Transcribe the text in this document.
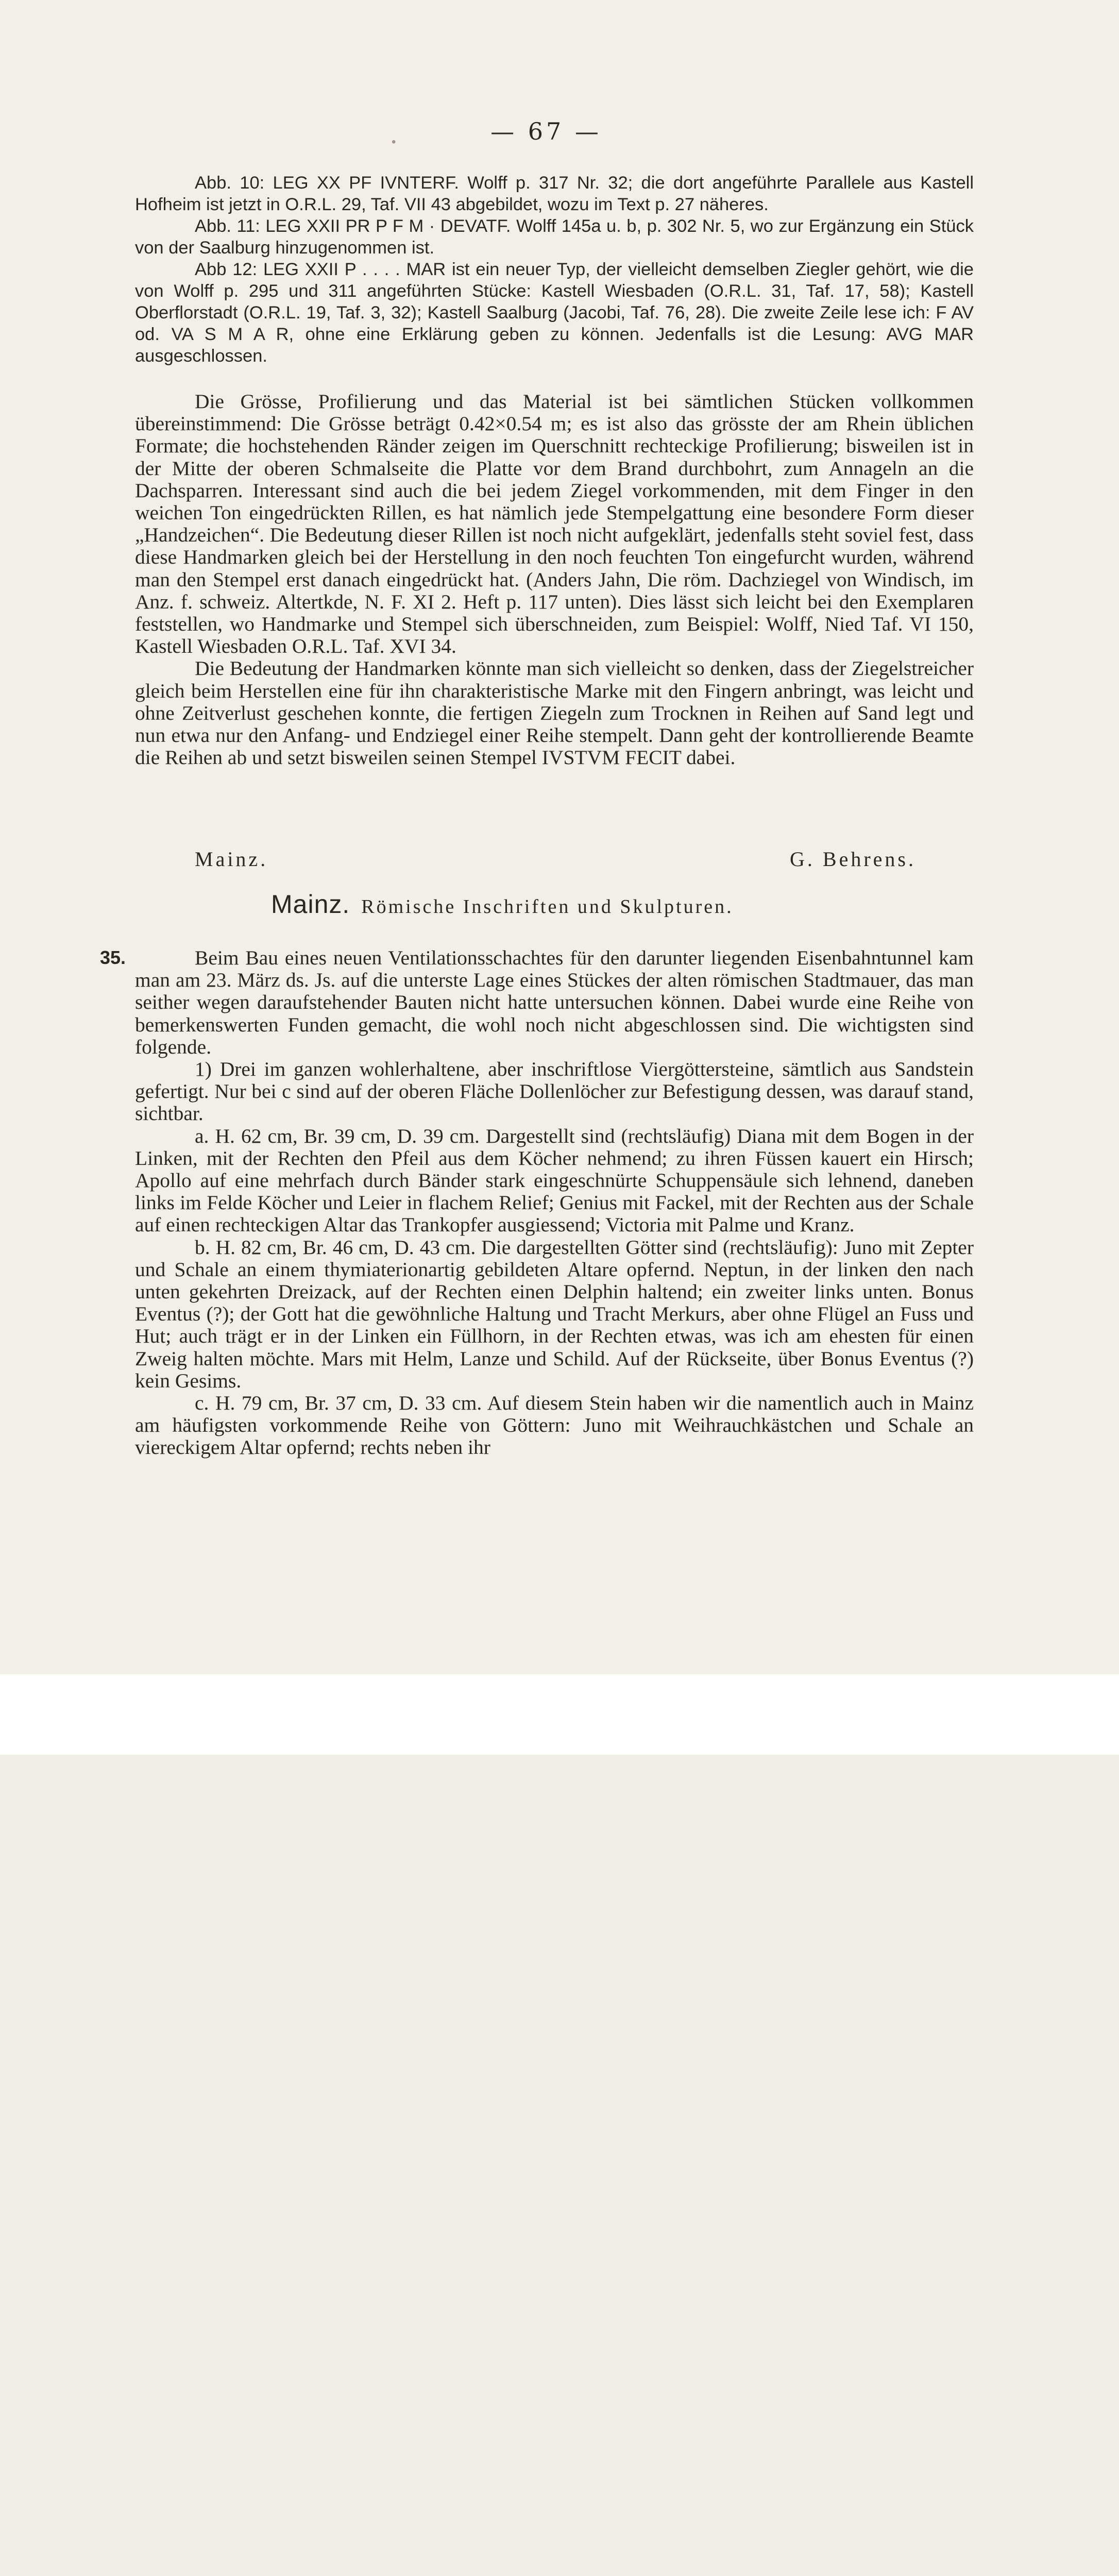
— 67 —

Abb. 10: LEG XX PF IVNTERF. Wolff p. 317 Nr. 32; die dort angeführte Parallele aus Kastell Hofheim ist jetzt in O.R.L. 29, Taf. VII 43 abgebildet, wozu im Text p. 27 näheres.

Abb. 11: LEG XXII PR P F M · DEVATF. Wolff 145a u. b, p. 302 Nr. 5, wo zur Ergänzung ein Stück von der Saalburg hinzugenommen ist.

Abb 12: LEG XXII P . . . . MAR ist ein neuer Typ, der vielleicht demselben Ziegler gehört, wie die von Wolff p. 295 und 311 angeführten Stücke: Kastell Wiesbaden (O.R.L. 31, Taf. 17, 58); Kastell Oberflorstadt (O.R.L. 19, Taf. 3, 32); Kastell Saalburg (Jacobi, Taf. 76, 28). Die zweite Zeile lese ich: F AV od. VA S M A R, ohne eine Erklärung geben zu können. Jedenfalls ist die Lesung: AVG MAR ausgeschlossen.

Die Grösse, Profilierung und das Material ist bei sämtlichen Stücken vollkommen übereinstimmend: Die Grösse beträgt 0.42×0.54 m; es ist also das grösste der am Rhein üblichen Formate; die hochstehenden Ränder zeigen im Querschnitt rechteckige Profilierung; bisweilen ist in der Mitte der oberen Schmalseite die Platte vor dem Brand durchbohrt, zum Annageln an die Dachsparren. Interessant sind auch die bei jedem Ziegel vorkommenden, mit dem Finger in den weichen Ton eingedrückten Rillen, es hat nämlich jede Stempelgattung eine besondere Form dieser „Handzeichen“. Die Bedeutung dieser Rillen ist noch nicht aufgeklärt, jedenfalls steht soviel fest, dass diese Handmarken gleich bei der Herstellung in den noch feuchten Ton eingefurcht wurden, während man den Stempel erst danach eingedrückt hat. (Anders Jahn, Die röm. Dachziegel von Windisch, im Anz. f. schweiz. Altertkde, N. F. XI 2. Heft p. 117 unten). Dies lässt sich leicht bei den Exemplaren feststellen, wo Handmarke und Stempel sich überschneiden, zum Beispiel: Wolff, Nied Taf. VI 150, Kastell Wiesbaden O.R.L. Taf. XVI 34.

Die Bedeutung der Handmarken könnte man sich vielleicht so denken, dass der Ziegelstreicher gleich beim Herstellen eine für ihn charakteristische Marke mit den Fingern anbringt, was leicht und ohne Zeitverlust geschehen konnte, die fertigen Ziegeln zum Trocknen in Reihen auf Sand legt und nun etwa nur den Anfang- und Endziegel einer Reihe stempelt. Dann geht der kontrollierende Beamte die Reihen ab und setzt bisweilen seinen Stempel IVSTVM FECIT dabei.

Mainz.	G. Behrens.
Mainz. Römische Inschriften und Skulpturen.
35.	Beim Bau eines neuen Ventilationsschachtes für den darunter liegenden Eisenbahntunnel kam man am 23. März ds. Js. auf die unterste Lage eines Stückes der alten römischen Stadtmauer, das man seither wegen daraufstehender Bauten nicht hatte untersuchen können. Dabei wurde eine Reihe von bemerkenswerten Funden gemacht, die wohl noch nicht abgeschlossen sind. Die wichtigsten sind folgende.

1) Drei im ganzen wohlerhaltene, aber inschriftlose Viergöttersteine, sämtlich aus Sandstein gefertigt. Nur bei c sind auf der oberen Fläche Dollenlöcher zur Befestigung dessen, was darauf stand, sichtbar.

a. H. 62 cm, Br. 39 cm, D. 39 cm. Dargestellt sind (rechtsläufig) Diana mit dem Bogen in der Linken, mit der Rechten den Pfeil aus dem Köcher nehmend; zu ihren Füssen kauert ein Hirsch; Apollo auf eine mehrfach durch Bänder stark eingeschnürte Schuppensäule sich lehnend, daneben links im Felde Köcher und Leier in flachem Relief; Genius mit Fackel, mit der Rechten aus der Schale auf einen rechteckigen Altar das Trankopfer ausgiessend; Victoria mit Palme und Kranz.

b. H. 82 cm, Br. 46 cm, D. 43 cm. Die dargestellten Götter sind (rechtsläufig): Juno mit Zepter und Schale an einem thymiaterionartig gebildeten Altare opfernd. Neptun, in der linken den nach unten gekehrten Dreizack, auf der Rechten einen Delphin haltend; ein zweiter links unten. Bonus Eventus (?); der Gott hat die gewöhnliche Haltung und Tracht Merkurs, aber ohne Flügel an Fuss und Hut; auch trägt er in der Linken ein Füllhorn, in der Rechten etwas, was ich am ehesten für einen Zweig halten möchte. Mars mit Helm, Lanze und Schild. Auf der Rückseite, über Bonus Eventus (?) kein Gesims.

c. H. 79 cm, Br. 37 cm, D. 33 cm. Auf diesem Stein haben wir die namentlich auch in Mainz am häufigsten vorkommende Reihe von Göttern: Juno mit Weihrauchkästchen und Schale an viereckigem Altar opfernd; rechts neben ihr

•
